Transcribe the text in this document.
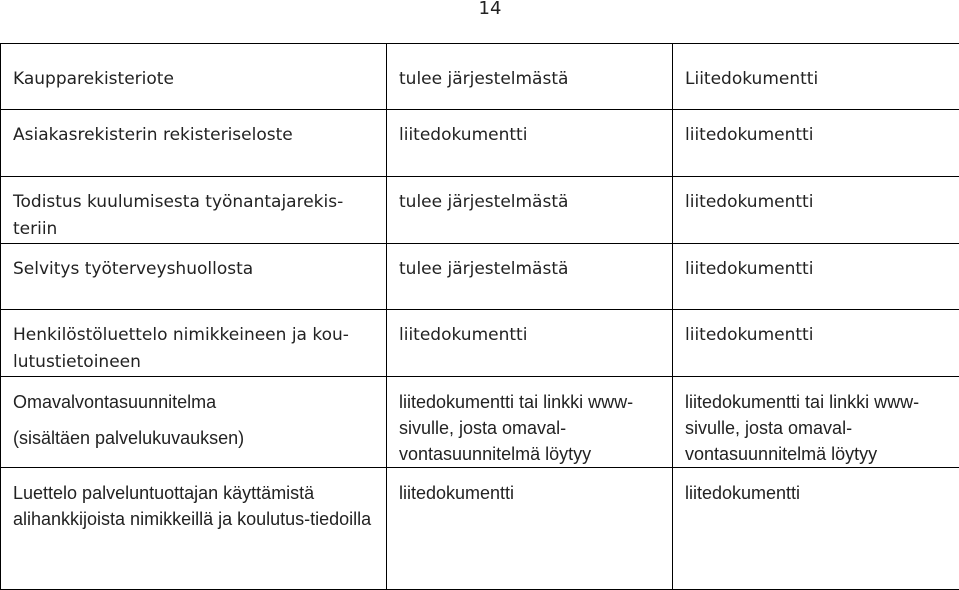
14
Kaupparekisteriote	tulee järjestelmästä	Liitedokumentti
Asiakasrekisterin rekisteriseloste	liitedokumentti	liitedokumentti
Todistus kuulumisesta työnantajarekis-teriin	tulee järjestelmästä	liitedokumentti
Selvitys työterveyshuollosta	tulee järjestelmästä	liitedokumentti
Henkilöstöluettelo nimikkeineen ja kou-lutustietoineen	liitedokumentti	liitedokumentti
Omavalvontasuunnitelma
(sisältäen palvelukuvauksen)	liitedokumentti tai linkki www-sivulle, josta omaval-vontasuunnitelmä löytyy	liitedokumentti tai linkki www-sivulle, josta omaval-vontasuunnitelmä löytyy
Luettelo palveluntuottajan käyttämistä alihankkijoista nimikkeillä ja koulutus-tiedoilla	liitedokumentti	liitedokumentti
